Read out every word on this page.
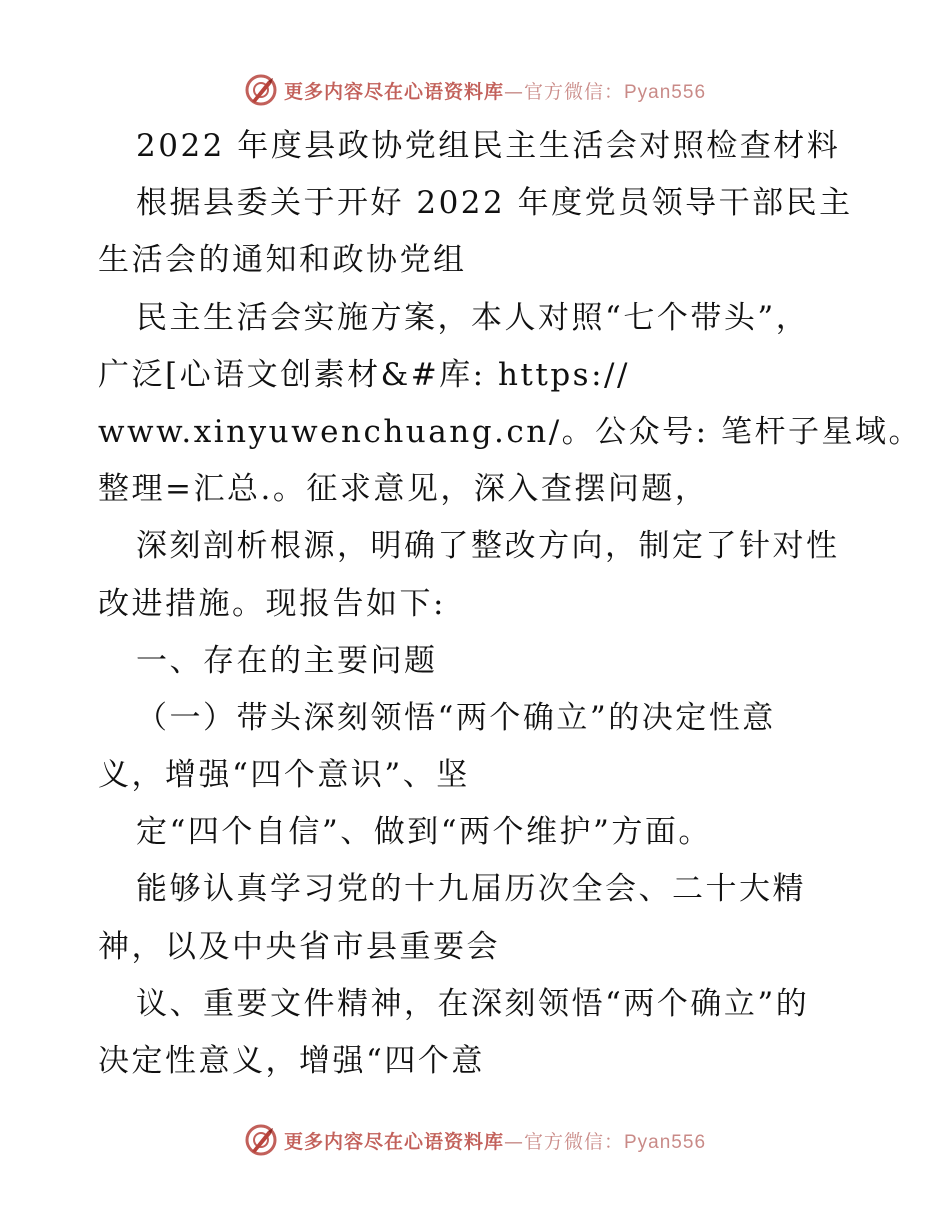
更多内容尽在心语资料库—官方微信：Pyan556
2022 年度县政协党组民主生活会对照检查材料
根据县委关于开好 2022 年度党员领导干部民主
生活会的通知和政协党组
民主生活会实施方案，本人对照“七个带头”，
广泛[心语文创素材&#库: https://
www.xinyuwenchuang.cn/。公众号: 笔杆子星域。
整理=汇总.。征求意见，深入查摆问题，
深刻剖析根源，明确了整改方向，制定了针对性
改进措施。现报告如下:
一、存在的主要问题
（一）带头深刻领悟“两个确立”的决定性意
义，增强“四个意识”、坚
定“四个自信”、做到“两个维护”方面。
能够认真学习党的十九届历次全会、二十大精
神，以及中央省市县重要会
议、重要文件精神，在深刻领悟“两个确立”的
决定性意义，增强“四个意
更多内容尽在心语资料库—官方微信：Pyan556
